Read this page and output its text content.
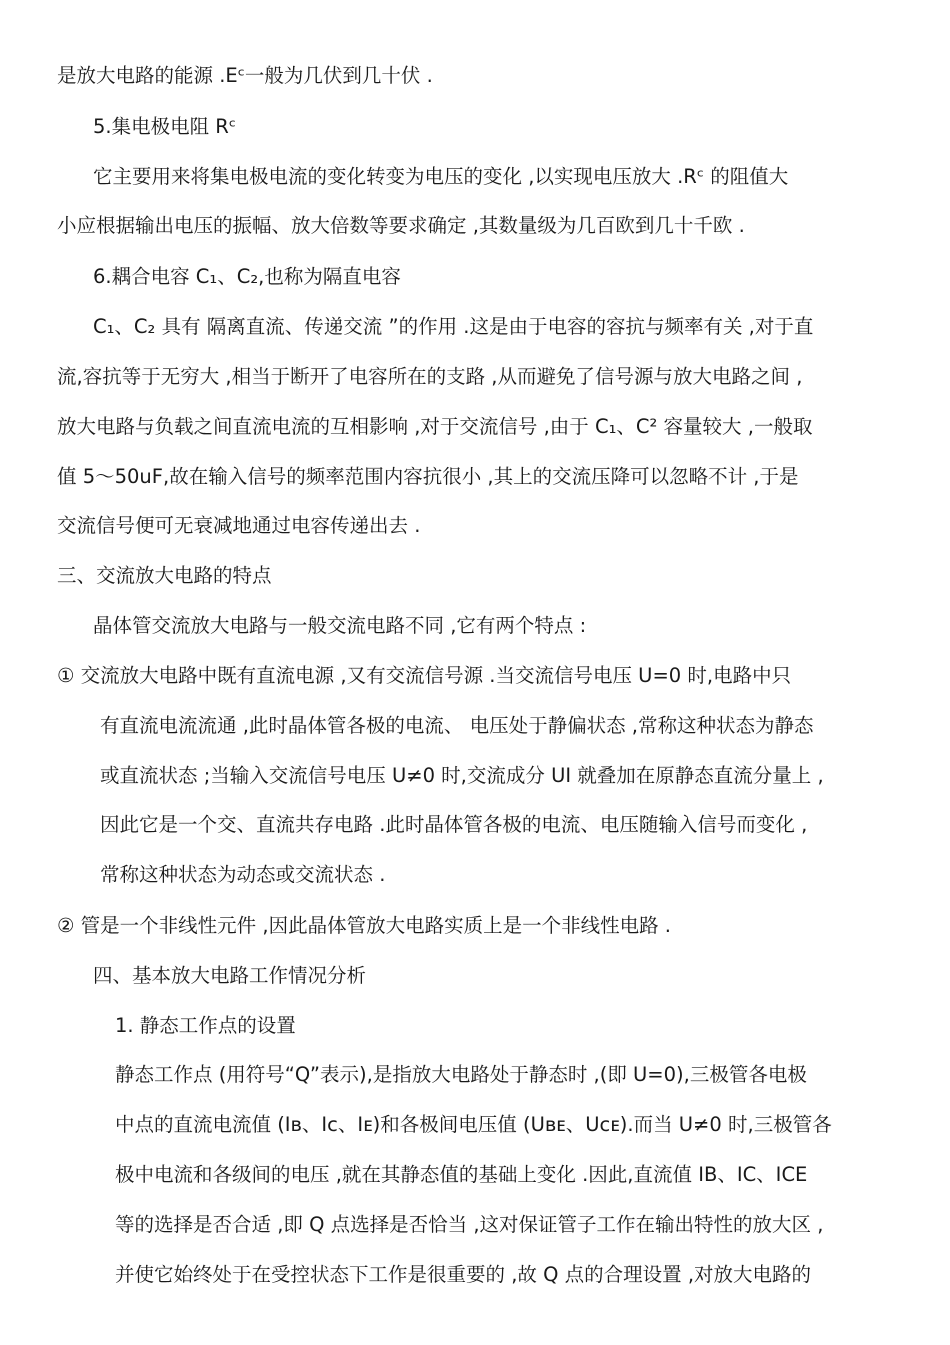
是放大电路的能源 .Eᶜ一般为几伏到几十伏 .
5.集电极电阻 Rᶜ
它主要用来将集电极电流的变化转变为电压的变化 ,以实现电压放大 .Rᶜ 的阻值大
小应根据输出电压的振幅、放大倍数等要求确定 ,其数量级为几百欧到几十千欧 .
6.耦合电容 C₁、C₂,也称为隔直电容
C₁、C₂ 具有 隔离直流、传递交流 ”的作用 .这是由于电容的容抗与频率有关 ,对于直
流,容抗等于无穷大 ,相当于断开了电容所在的支路 ,从而避免了信号源与放大电路之间 ,
放大电路与负载之间直流电流的互相影响 ,对于交流信号 ,由于 C₁、C² 容量较大 ,一般取
值 5～50uF,故在输入信号的频率范围内容抗很小 ,其上的交流压降可以忽略不计 ,于是
交流信号便可无衰减地通过电容传递出去 .
三、交流放大电路的特点
晶体管交流放大电路与一般交流电路不同 ,它有两个特点 :
① 交流放大电路中既有直流电源 ,又有交流信号源 .当交流信号电压 U=0 时,电路中只
有直流电流流通 ,此时晶体管各极的电流、 电压处于静偏状态 ,常称这种状态为静态
或直流状态 ;当输入交流信号电压 U≠0 时,交流成分 UI 就叠加在原静态直流分量上 ,
因此它是一个交、直流共存电路 .此时晶体管各极的电流、电压随输入信号而变化 ,
常称这种状态为动态或交流状态 .
② 管是一个非线性元件 ,因此晶体管放大电路实质上是一个非线性电路 .
四、基本放大电路工作情况分析
1. 静态工作点的设置
静态工作点 (用符号“Q”表示),是指放大电路处于静态时 ,(即 U=0),三极管各电极
中点的直流电流值 (Iʙ、Iᴄ、Iᴇ)和各极间电压值 (Uʙᴇ、Uᴄᴇ).而当 U≠0 时,三极管各
极中电流和各级间的电压 ,就在其静态值的基础上变化 .因此,直流值 IB、IC、ICE
等的选择是否合适 ,即 Q 点选择是否恰当 ,这对保证管子工作在输出特性的放大区 ,
并使它始终处于在受控状态下工作是很重要的 ,故 Q 点的合理设置 ,对放大电路的
